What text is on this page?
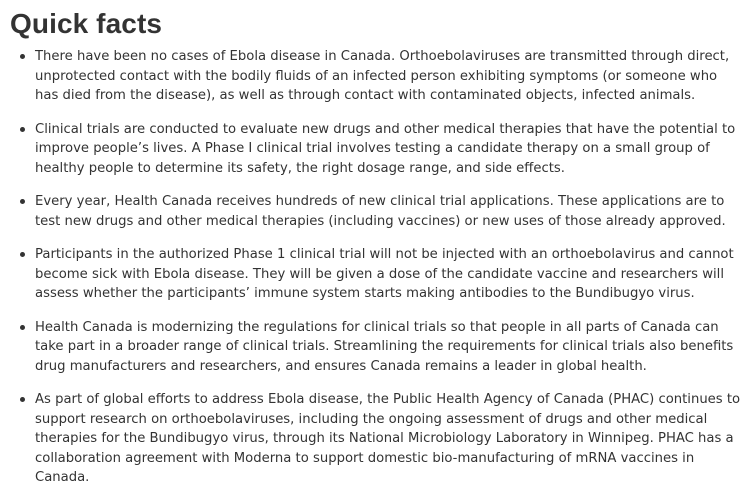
Quick facts
There have been no cases of Ebola disease in Canada. Orthoebolaviruses are transmitted through direct, unprotected contact with the bodily fluids of an infected person exhibiting symptoms (or someone who has died from the disease), as well as through contact with contaminated objects, infected animals.
Clinical trials are conducted to evaluate new drugs and other medical therapies that have the potential to improve people’s lives. A Phase I clinical trial involves testing a candidate therapy on a small group of healthy people to determine its safety, the right dosage range, and side effects.
Every year, Health Canada receives hundreds of new clinical trial applications. These applications are to test new drugs and other medical therapies (including vaccines) or new uses of those already approved.
Participants in the authorized Phase 1 clinical trial will not be injected with an orthoebolavirus and cannot become sick with Ebola disease. They will be given a dose of the candidate vaccine and researchers will assess whether the participants’ immune system starts making antibodies to the Bundibugyo virus.
Health Canada is modernizing the regulations for clinical trials so that people in all parts of Canada can take part in a broader range of clinical trials. Streamlining the requirements for clinical trials also benefits drug manufacturers and researchers, and ensures Canada remains a leader in global health.
As part of global efforts to address Ebola disease, the Public Health Agency of Canada (PHAC) continues to support research on orthoebolaviruses, including the ongoing assessment of drugs and other medical therapies for the Bundibugyo virus, through its National Microbiology Laboratory in Winnipeg. PHAC has a collaboration agreement with Moderna to support domestic bio-manufacturing of mRNA vaccines in Canada.
